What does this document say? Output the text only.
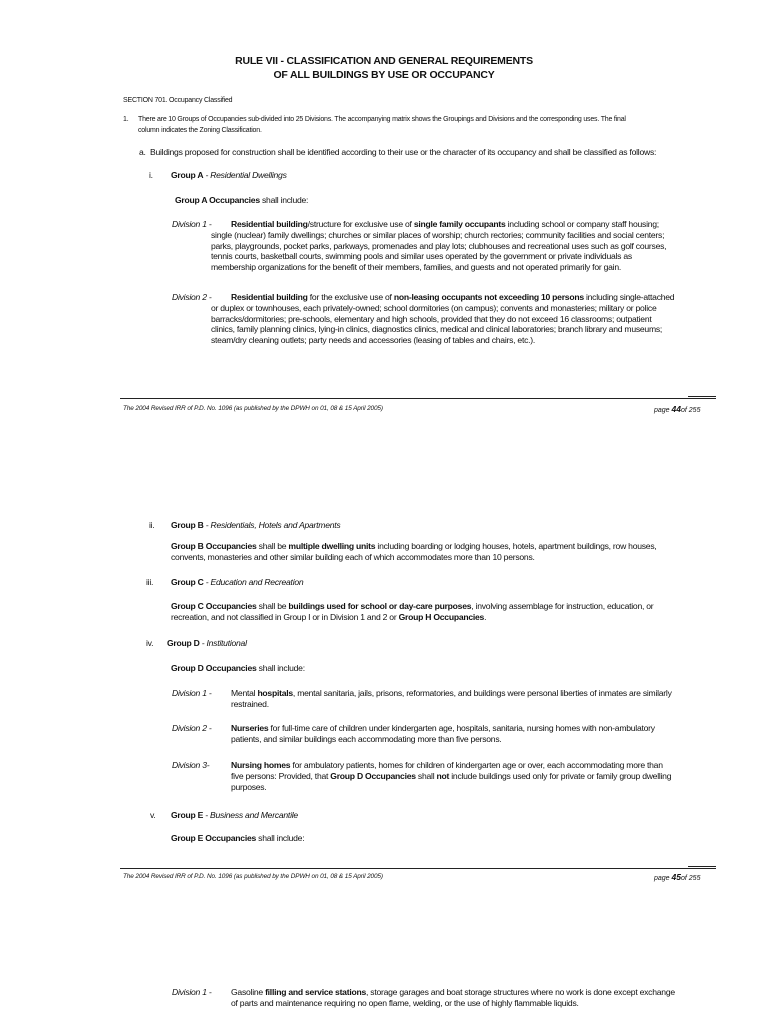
RULE VII - CLASSIFICATION AND GENERAL REQUIREMENTS
OF ALL BUILDINGS BY USE OR OCCUPANCY
SECTION 701. Occupancy Classified
1. There are 10 Groups of Occupancies sub-divided into 25 Divisions. The accompanying matrix shows the Groupings and Divisions and the corresponding uses. The final
column indicates the Zoning Classification.
a. Buildings proposed for construction shall be identified according to their use or the character of its occupancy and shall be classified as follows:
i. Group A - Residential Dwellings
Group A Occupancies shall include:
Division 1 -	Residential building/structure for exclusive use of single family occupants including school or company staff housing;
single (nuclear) family dwellings; churches or similar places of worship; church rectories; community facilities and social centers;
parks, playgrounds, pocket parks, parkways, promenades and play lots; clubhouses and recreational uses such as golf courses,
tennis courts, basketball courts, swimming pools and similar uses operated by the government or private individuals as
membership organizations for the benefit of their members, families, and guests and not operated primarily for gain.
Division 2 -	Residential building for the exclusive use of non-leasing occupants not exceeding 10 persons including single-attached
or duplex or townhouses, each privately-owned; school dormitories (on campus); convents and monasteries; military or police
barracks/dormitories; pre-schools, elementary and high schools, provided that they do not exceed 16 classrooms; outpatient
clinics, family planning clinics, lying-in clinics, diagnostics clinics, medical and clinical laboratories; branch library and museums;
steam/dry cleaning outlets; party needs and accessories (leasing of tables and chairs, etc.).
The 2004 Revised IRR of P.D. No. 1096 (as published by the DPWH on 01, 08 & 15 April 2005)	page 44of 255
ii. Group B - Residentials, Hotels and Apartments
Group B Occupancies shall be multiple dwelling units including boarding or lodging houses, hotels, apartment buildings, row houses,
convents, monasteries and other similar building each of which accommodates more than 10 persons.
iii. Group C - Education and Recreation
Group C Occupancies shall be buildings used for school or day-care purposes, involving assemblage for instruction, education, or
recreation, and not classified in Group I or in Division 1 and 2 or Group H Occupancies.
iv. Group D - Institutional
Group D Occupancies shall include:
Division 1 - Mental hospitals, mental sanitaria, jails, prisons, reformatories, and buildings were personal liberties of inmates are similarly
restrained.
Division 2 - Nurseries for full-time care of children under kindergarten age, hospitals, sanitaria, nursing homes with non-ambulatory
patients, and similar buildings each accommodating more than five persons.
Division 3-	Nursing homes for ambulatory patients, homes for children of kindergarten age or over, each accommodating more than
five persons: Provided, that Group D Occupancies shall not include buildings used only for private or family group dwelling
purposes.
v. Group E - Business and Mercantile
Group E Occupancies shall include:
The 2004 Revised IRR of P.D. No. 1096 (as published by the DPWH on 01, 08 & 15 April 2005)	page 45of 255
Division 1 - Gasoline filling and service stations, storage garages and boat storage structures where no work is done except exchange
of parts and maintenance requiring no open flame, welding, or the use of highly flammable liquids.
